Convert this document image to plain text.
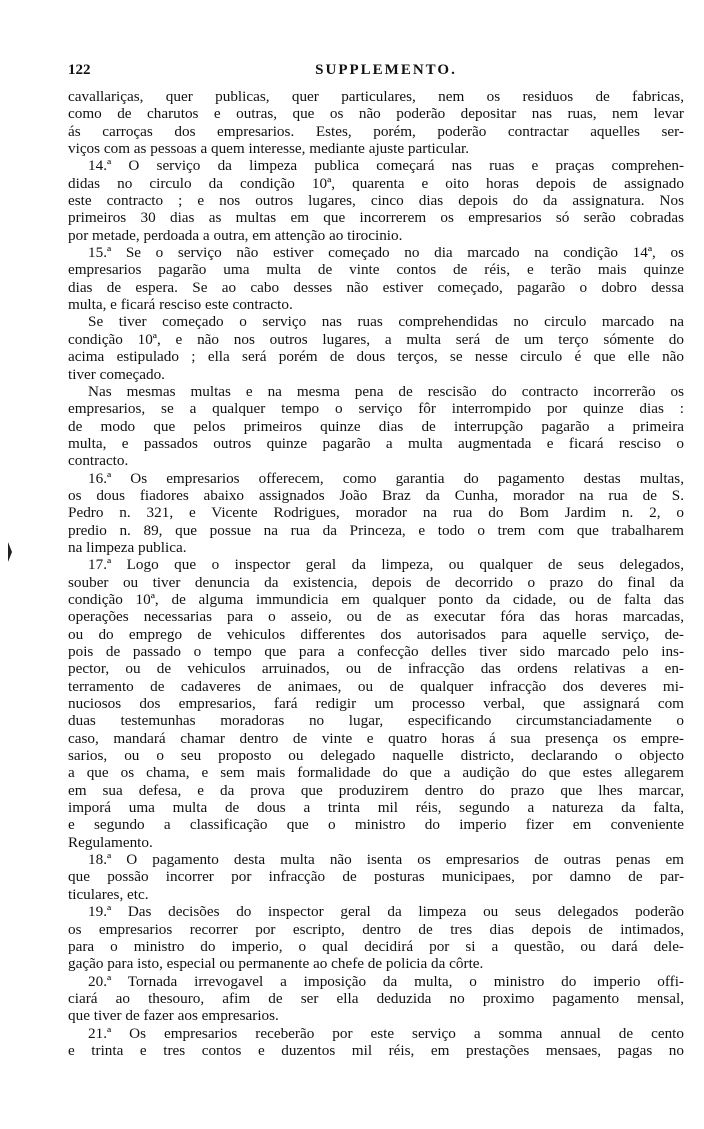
122	SUPPLEMENTO.
cavallariças, quer publicas, quer particulares, nem os residuos de fabricas,
como de charutos e outras, que os não poderão depositar nas ruas, nem levar
ás carroças dos empresarios. Estes, porém, poderão contractar aquelles ser-
viços com as pessoas a quem interesse, mediante ajuste particular.
14.ª O serviço da limpeza publica começará nas ruas e praças comprehen-
didas no circulo da condição 10ª, quarenta e oito horas depois de assignado
este contracto ; e nos outros lugares, cinco dias depois do da assignatura. Nos
primeiros 30 dias as multas em que incorrerem os empresarios só serão cobradas
por metade, perdoada a outra, em attenção ao tirocinio.
15.ª Se o serviço não estiver começado no dia marcado na condição 14ª, os
empresarios pagarão uma multa de vinte contos de réis, e terão mais quinze
dias de espera. Se ao cabo desses não estiver começado, pagarão o dobro dessa
multa, e ficará resciso este contracto.
Se tiver começado o serviço nas ruas comprehendidas no circulo marcado na
condição 10ª, e não nos outros lugares, a multa será de um terço sómente do
acima estipulado ; ella será porém de dous terços, se nesse circulo é que elle não
tiver começado.
Nas mesmas multas e na mesma pena de rescisão do contracto incorrerão os
empresarios, se a qualquer tempo o serviço fôr interrompido por quinze dias :
de modo que pelos primeiros quinze dias de interrupção pagarão a primeira
multa, e passados outros quinze pagarão a multa augmentada e ficará resciso o
contracto.
16.ª Os empresarios offerecem, como garantia do pagamento destas multas,
os dous fiadores abaixo assignados João Braz da Cunha, morador na rua de S.
Pedro n. 321, e Vicente Rodrigues, morador na rua do Bom Jardim n. 2, o
predio n. 89, que possue na rua da Princeza, e todo o trem com que trabalharem
na limpeza publica.
17.ª Logo que o inspector geral da limpeza, ou qualquer de seus delegados,
souber ou tiver denuncia da existencia, depois de decorrido o prazo do final da
condição 10ª, de alguma immundicia em qualquer ponto da cidade, ou de falta das
operações necessarias para o asseio, ou de as executar fóra das horas marcadas,
ou do emprego de vehiculos differentes dos autorisados para aquelle serviço, de-
pois de passado o tempo que para a confecção delles tiver sido marcado pelo ins-
pector, ou de vehiculos arruinados, ou de infracção das ordens relativas a en-
terramento de cadaveres de animaes, ou de qualquer infracção dos deveres mi-
nuciosos dos empresarios, fará redigir um processo verbal, que assignará com
duas testemunhas moradoras no lugar, especificando circumstanciadamente o
caso, mandará chamar dentro de vinte e quatro horas á sua presença os empre-
sarios, ou o seu proposto ou delegado naquelle districto, declarando o objecto
a que os chama, e sem mais formalidade do que a audição do que estes allegarem
em sua defesa, e da prova que produzirem dentro do prazo que lhes marcar,
imporá uma multa de dous a trinta mil réis, segundo a natureza da falta,
e segundo a classificação que o ministro do imperio fizer em conveniente
Regulamento.
18.ª O pagamento desta multa não isenta os empresarios de outras penas em
que possão incorrer por infracção de posturas municipaes, por damno de par-
ticulares, etc.
19.ª Das decisões do inspector geral da limpeza ou seus delegados poderão
os empresarios recorrer por escripto, dentro de tres dias depois de intimados,
para o ministro do imperio, o qual decidirá por si a questão, ou dará dele-
gação para isto, especial ou permanente ao chefe de policia da côrte.
20.ª Tornada irrevogavel a imposição da multa, o ministro do imperio offi-
ciará ao thesouro, afim de ser ella deduzida no proximo pagamento mensal,
que tiver de fazer aos empresarios.
21.ª Os empresarios receberão por este serviço a somma annual de cento
e trinta e tres contos e duzentos mil réis, em prestações mensaes, pagas no
